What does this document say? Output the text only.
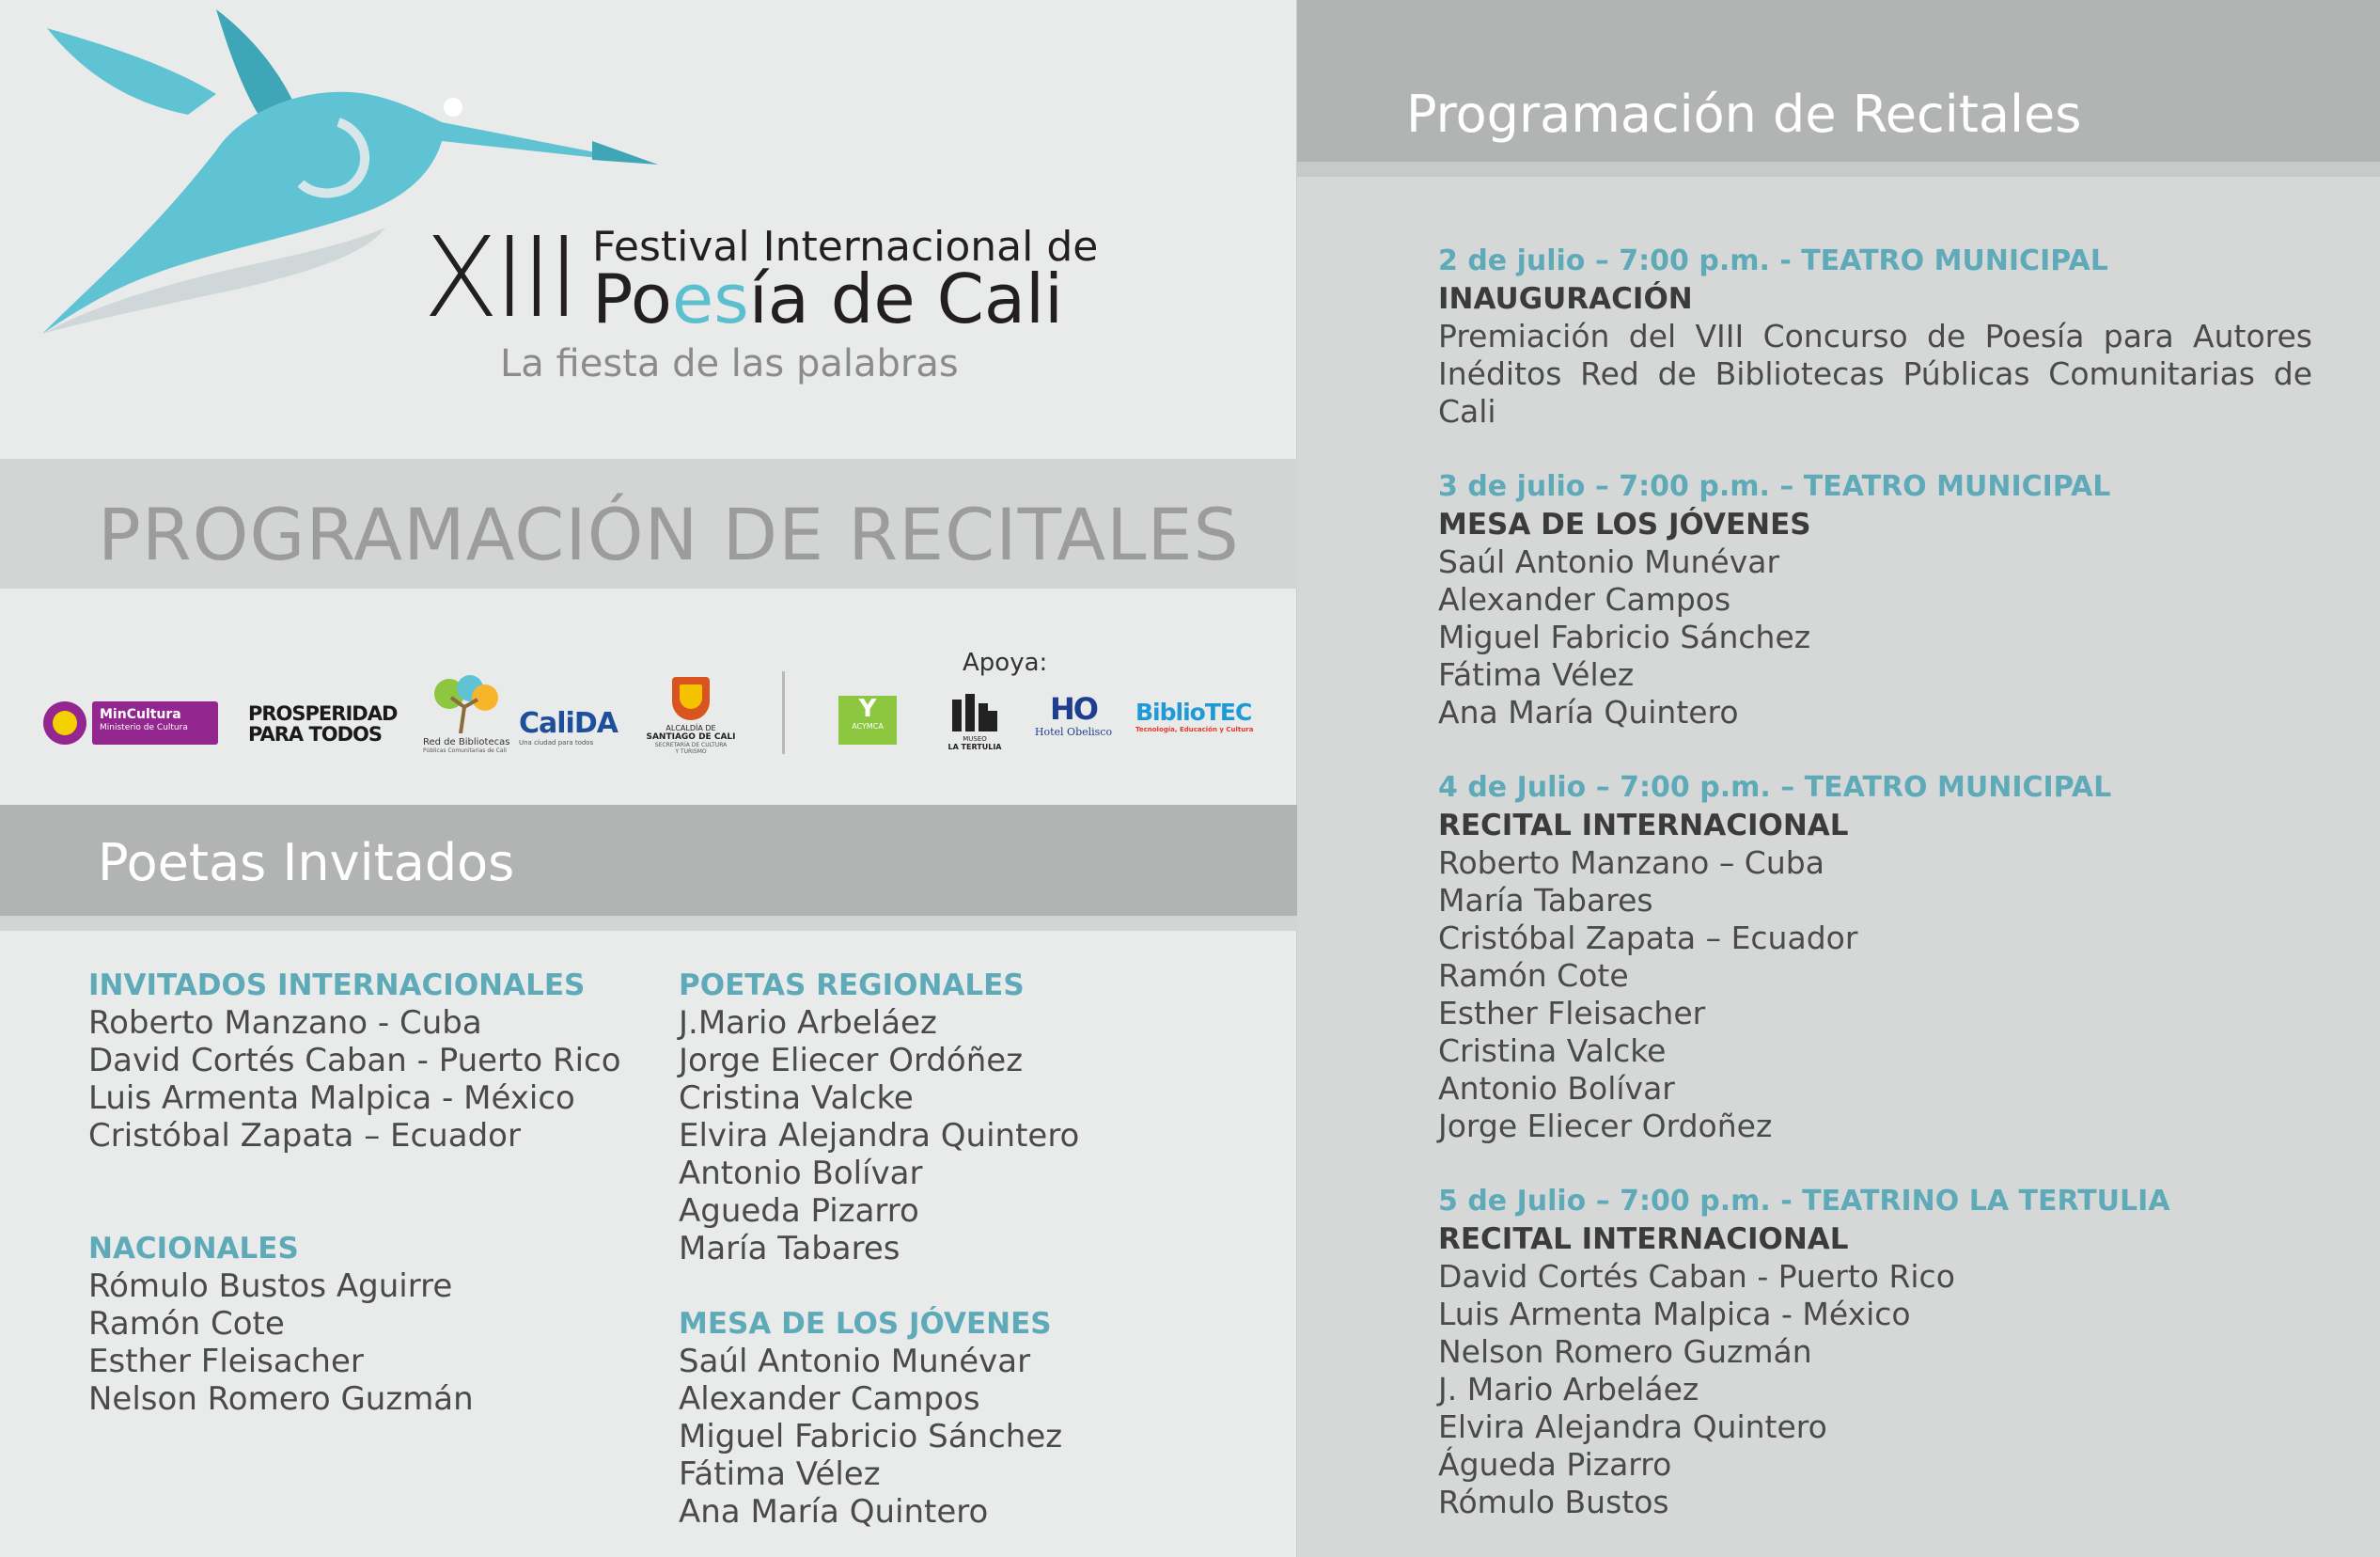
XIII Festival Internacional de
Poesía de Cali
La fiesta de las palabras
PROGRAMACIÓN DE RECITALES
MinCultura
Ministerio de Cultura
PROSPERIDAD
PARA TODOS	Red de Bibliotecas
Públicas Comunitarias de Cali
CaliDA
Una ciudad para todos
ALCALDÍA DE
SANTIAGO DE CALI
SECRETARÍA DE CULTURA
Y TURISMO
Apoya:
Y
ACYMCA
MUSEO
LA TERTULIA
HO
Hotel Obelisco
BiblioTEC
Tecnología, Educación y Cultura
Poetas Invitados
INVITADOS INTERNACIONALES
Roberto Manzano - Cuba
David Cortés Caban - Puerto Rico
Luis Armenta Malpica - México
Cristóbal Zapata – Ecuador
NACIONALES
Rómulo Bustos Aguirre
Ramón Cote
Esther Fleisacher
Nelson Romero Guzmán
POETAS REGIONALES
J.Mario Arbeláez
Jorge Eliecer Ordóñez
Cristina Valcke
Elvira Alejandra Quintero
Antonio Bolívar
Agueda Pizarro
María Tabares
MESA DE LOS JÓVENES
Saúl Antonio Munévar
Alexander Campos
Miguel Fabricio Sánchez
Fátima Vélez
Ana María Quintero
Programación de Recitales
2 de julio – 7:00 p.m. - TEATRO MUNICIPAL
INAUGURACIÓN
Premiación del VIII Concurso de Poesía para Autores Inéditos Red de Bibliotecas Públicas Comunitarias de Cali
3 de julio – 7:00 p.m. – TEATRO MUNICIPAL
MESA DE LOS JÓVENES
Saúl Antonio Munévar
Alexander Campos
Miguel Fabricio Sánchez
Fátima Vélez
Ana María Quintero
4 de Julio – 7:00 p.m. – TEATRO MUNICIPAL
RECITAL INTERNACIONAL
Roberto Manzano – Cuba
María Tabares
Cristóbal Zapata – Ecuador
Ramón Cote
Esther Fleisacher
Cristina Valcke
Antonio Bolívar
Jorge Eliecer Ordoñez
5 de Julio – 7:00 p.m. - TEATRINO LA TERTULIA
RECITAL INTERNACIONAL
David Cortés Caban - Puerto Rico
Luis Armenta Malpica - México
Nelson Romero Guzmán
J. Mario Arbeláez
Elvira Alejandra Quintero
Águeda Pizarro
Rómulo Bustos
